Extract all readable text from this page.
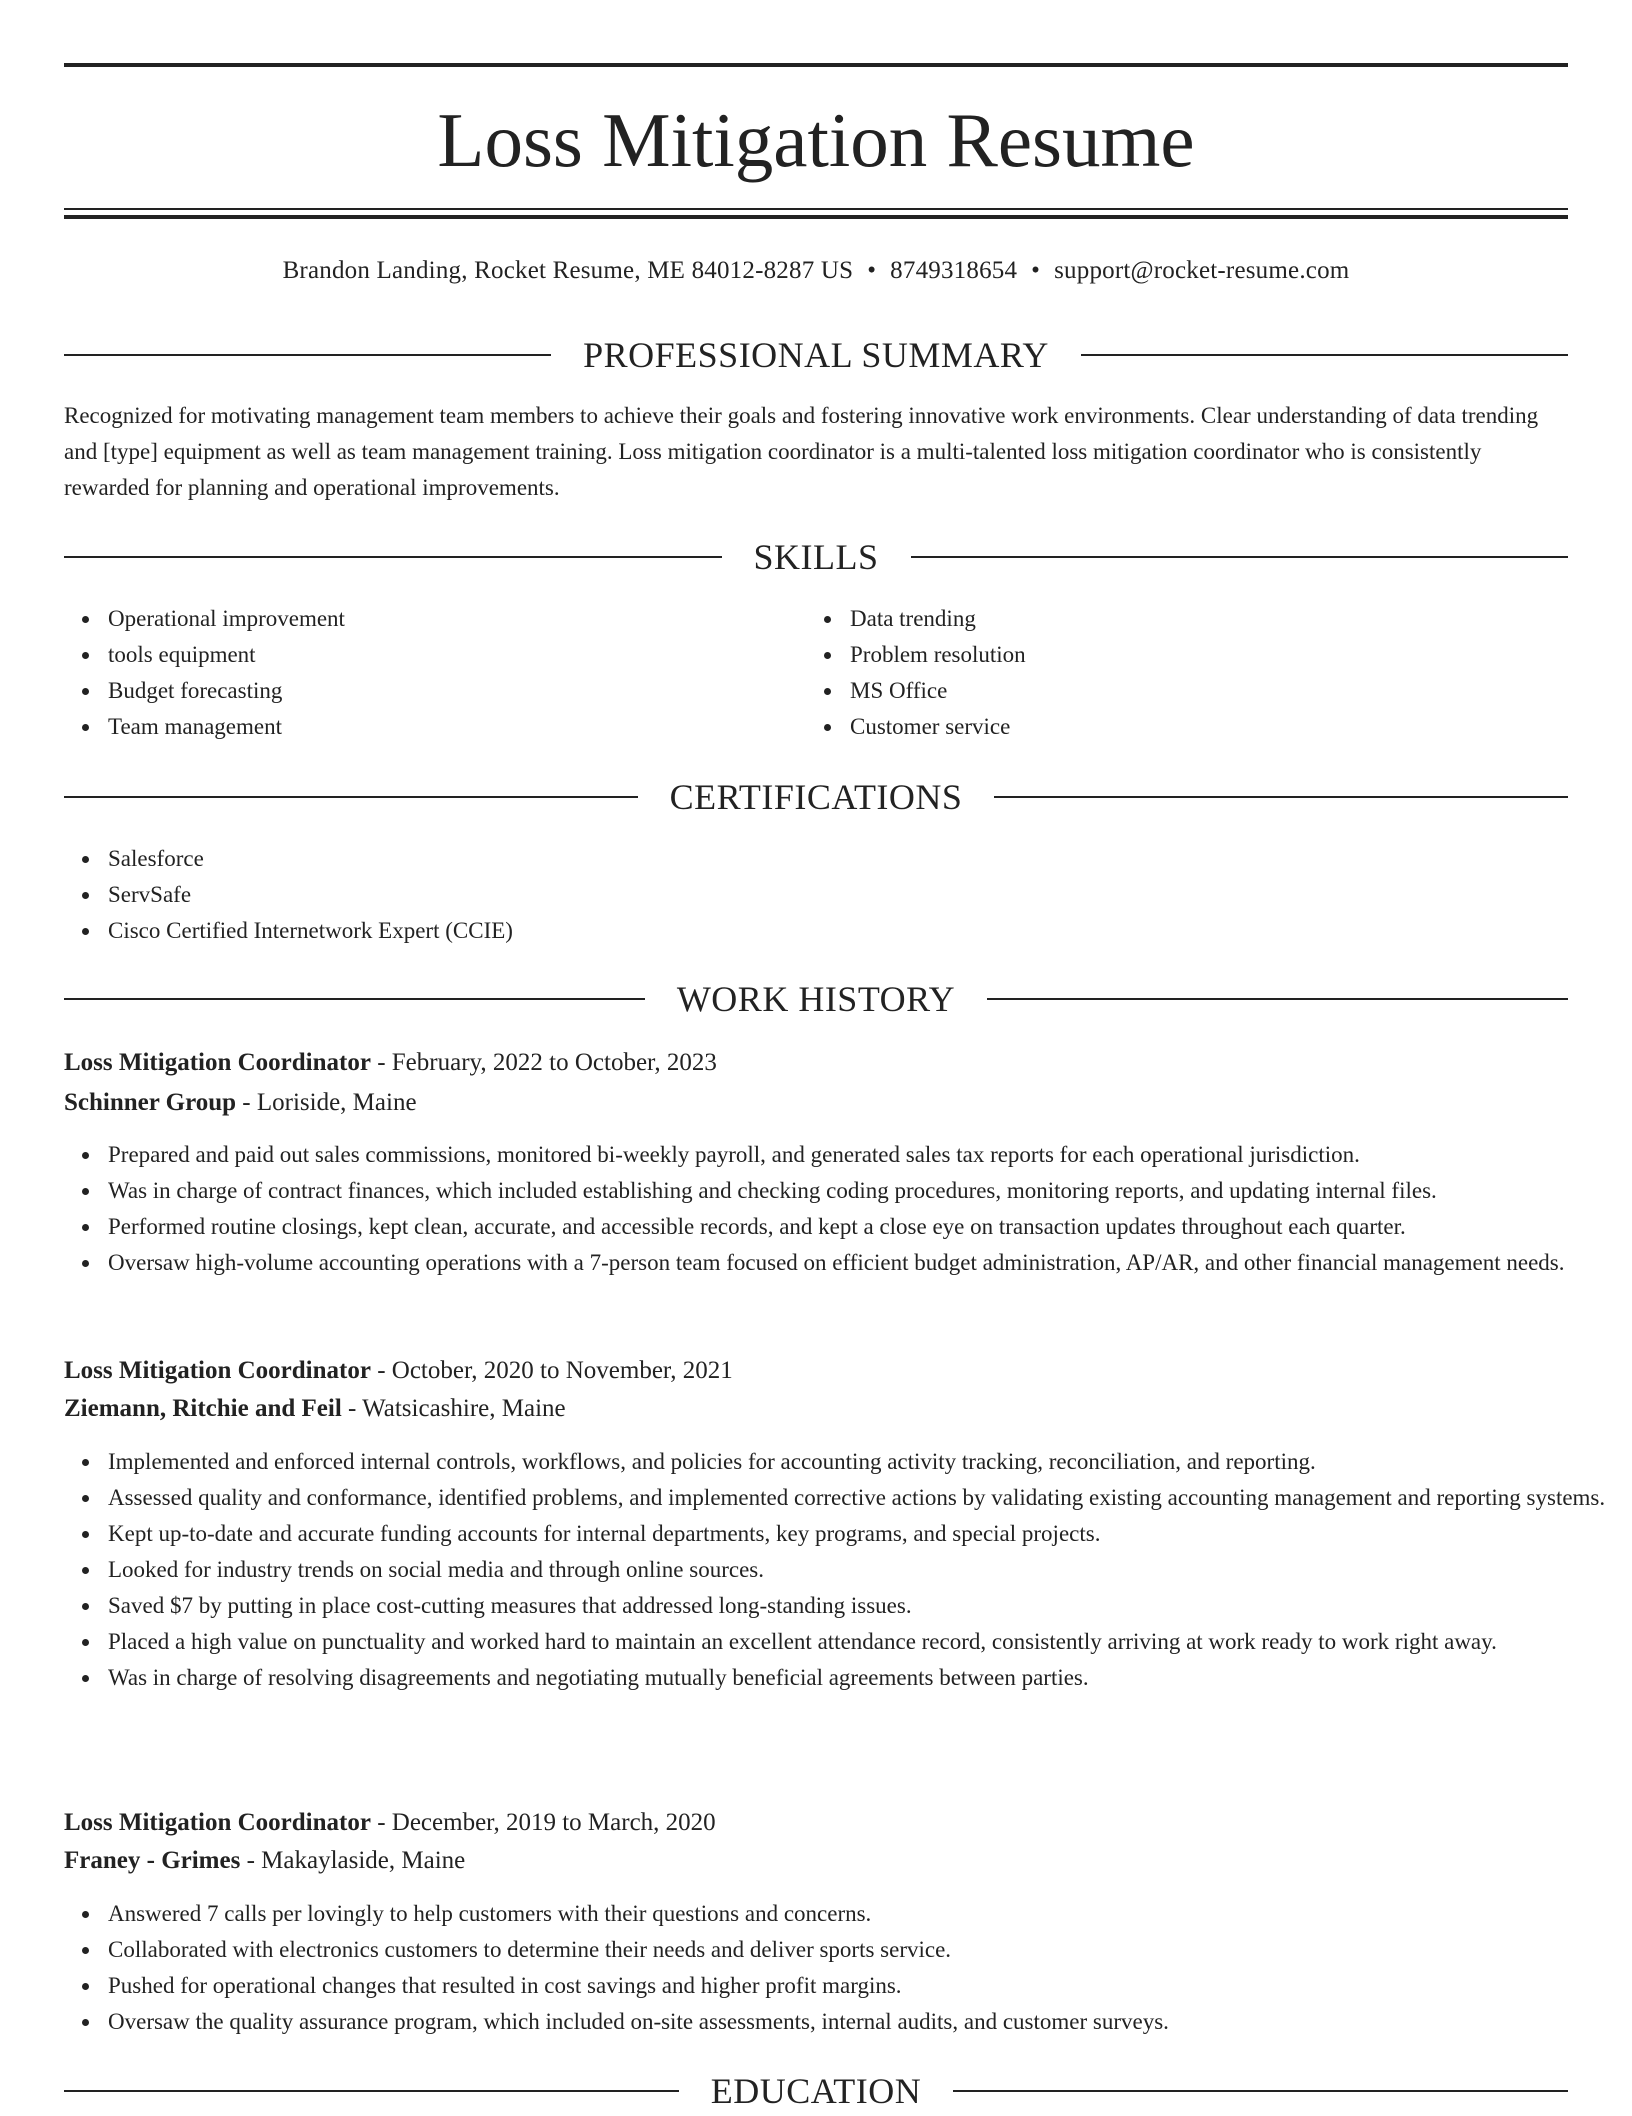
Loss Mitigation Resume
Brandon Landing, Rocket Resume, ME 84012-8287 US • 8749318654 • support@rocket-resume.com
PROFESSIONAL SUMMARY

Recognized for motivating management team members to achieve their goals and fostering innovative work environments. Clear understanding of data trending and [type] equipment as well as team management training. Loss mitigation coordinator is a multi-talented loss mitigation coordinator who is consistently rewarded for planning and operational improvements.

SKILLS
Operational improvement
tools equipment
Budget forecasting
Team management
Data trending
Problem resolution
MS Office
Customer service
CERTIFICATIONS
Salesforce
ServSafe
Cisco Certified Internetwork Expert (CCIE)
WORK HISTORY
Loss Mitigation Coordinator - February, 2022 to October, 2023
Schinner Group - Loriside, Maine
Prepared and paid out sales commissions, monitored bi-weekly payroll, and generated sales tax reports for each operational jurisdiction.
Was in charge of contract finances, which included establishing and checking coding procedures, monitoring reports, and updating internal files.
Performed routine closings, kept clean, accurate, and accessible records, and kept a close eye on transaction updates throughout each quarter.
Oversaw high-volume accounting operations with a 7-person team focused on efficient budget administration, AP/AR, and other financial management needs.
Loss Mitigation Coordinator - October, 2020 to November, 2021
Ziemann, Ritchie and Feil - Watsicashire, Maine
Implemented and enforced internal controls, workflows, and policies for accounting activity tracking, reconciliation, and reporting.
Assessed quality and conformance, identified problems, and implemented corrective actions by validating existing accounting management and reporting systems.
Kept up-to-date and accurate funding accounts for internal departments, key programs, and special projects.
Looked for industry trends on social media and through online sources.
Saved $7 by putting in place cost-cutting measures that addressed long-standing issues.
Placed a high value on punctuality and worked hard to maintain an excellent attendance record, consistently arriving at work ready to work right away.
Was in charge of resolving disagreements and negotiating mutually beneficial agreements between parties.
Loss Mitigation Coordinator - December, 2019 to March, 2020
Franey - Grimes - Makaylaside, Maine
Answered 7 calls per lovingly to help customers with their questions and concerns.
Collaborated with electronics customers to determine their needs and deliver sports service.
Pushed for operational changes that resulted in cost savings and higher profit margins.
Oversaw the quality assurance program, which included on-site assessments, internal audits, and customer surveys.
EDUCATION
